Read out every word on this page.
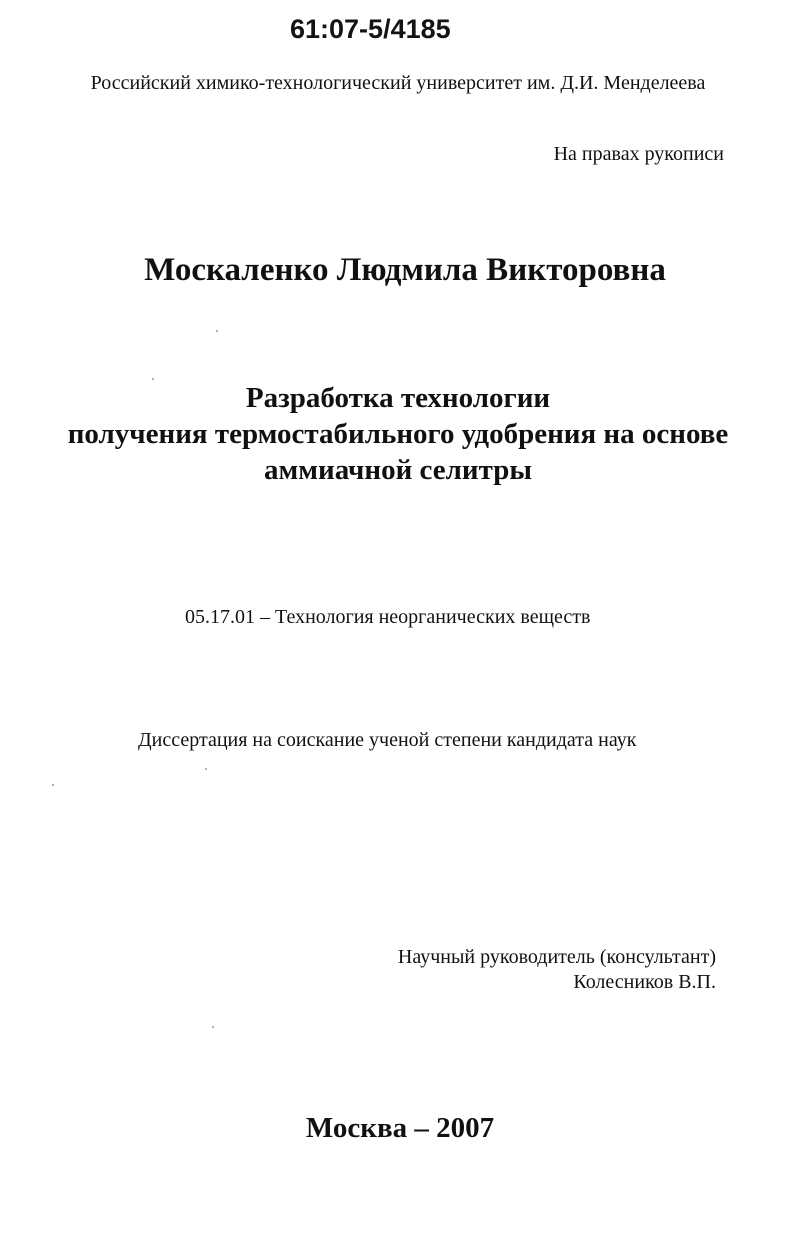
61:07-5/4185
Российский химико-технологический университет им. Д.И. Менделеева
На правах рукописи
Москаленко Людмила Викторовна
Разработка технологии
получения термостабильного удобрения на основе
аммиачной селитры
05.17.01 – Технология неорганических веществ
Диссертация на соискание ученой степени кандидата наук
Научный руководитель (консультант)
Колесников В.П.
Москва – 2007
